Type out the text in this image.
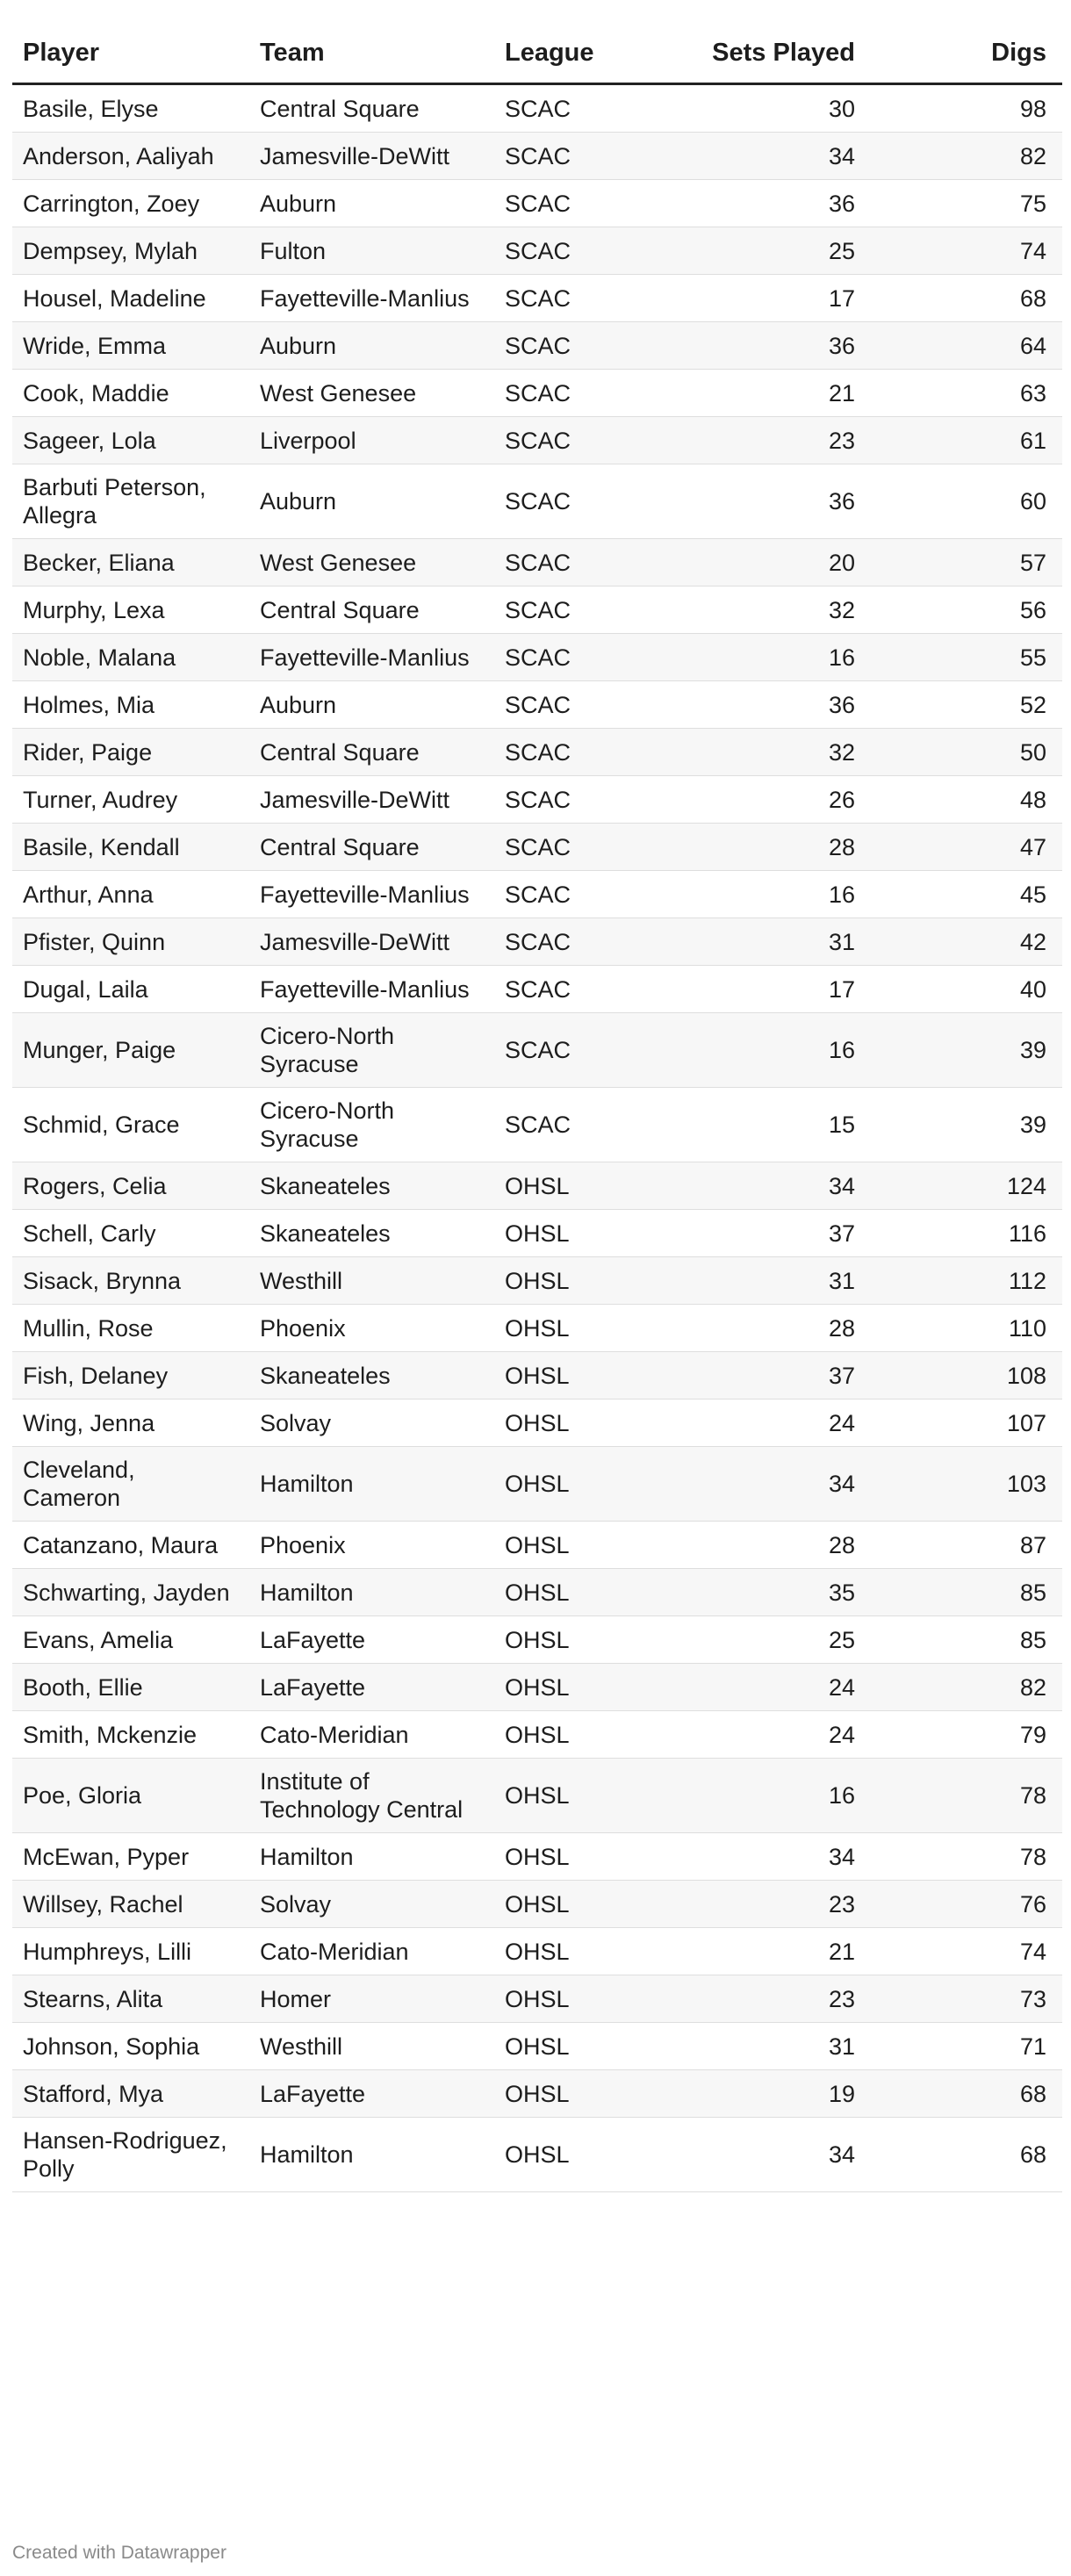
Player	Team	League	Sets Played	Digs
Basile, Elyse	Central Square	SCAC	30	98
Anderson, Aaliyah	Jamesville-DeWitt	SCAC	34	82
Carrington, Zoey	Auburn	SCAC	36	75
Dempsey, Mylah	Fulton	SCAC	25	74
Housel, Madeline	Fayetteville-Manlius	SCAC	17	68
Wride, Emma	Auburn	SCAC	36	64
Cook, Maddie	West Genesee	SCAC	21	63
Sageer, Lola	Liverpool	SCAC	23	61
Barbuti Peterson, Allegra	Auburn	SCAC	36	60
Becker, Eliana	West Genesee	SCAC	20	57
Murphy, Lexa	Central Square	SCAC	32	56
Noble, Malana	Fayetteville-Manlius	SCAC	16	55
Holmes, Mia	Auburn	SCAC	36	52
Rider, Paige	Central Square	SCAC	32	50
Turner, Audrey	Jamesville-DeWitt	SCAC	26	48
Basile, Kendall	Central Square	SCAC	28	47
Arthur, Anna	Fayetteville-Manlius	SCAC	16	45
Pfister, Quinn	Jamesville-DeWitt	SCAC	31	42
Dugal, Laila	Fayetteville-Manlius	SCAC	17	40
Munger, Paige	Cicero-North Syracuse	SCAC	16	39
Schmid, Grace	Cicero-North Syracuse	SCAC	15	39
Rogers, Celia	Skaneateles	OHSL	34	124
Schell, Carly	Skaneateles	OHSL	37	116
Sisack, Brynna	Westhill	OHSL	31	112
Mullin, Rose	Phoenix	OHSL	28	110
Fish, Delaney	Skaneateles	OHSL	37	108
Wing, Jenna	Solvay	OHSL	24	107
Cleveland, Cameron	Hamilton	OHSL	34	103
Catanzano, Maura	Phoenix	OHSL	28	87
Schwarting, Jayden	Hamilton	OHSL	35	85
Evans, Amelia	LaFayette	OHSL	25	85
Booth, Ellie	LaFayette	OHSL	24	82
Smith, Mckenzie	Cato-Meridian	OHSL	24	79
Poe, Gloria	Institute of Technology Central	OHSL	16	78
McEwan, Pyper	Hamilton	OHSL	34	78
Willsey, Rachel	Solvay	OHSL	23	76
Humphreys, Lilli	Cato-Meridian	OHSL	21	74
Stearns, Alita	Homer	OHSL	23	73
Johnson, Sophia	Westhill	OHSL	31	71
Stafford, Mya	LaFayette	OHSL	19	68
Hansen-Rodriguez, Polly	Hamilton	OHSL	34	68
Created with Datawrapper
